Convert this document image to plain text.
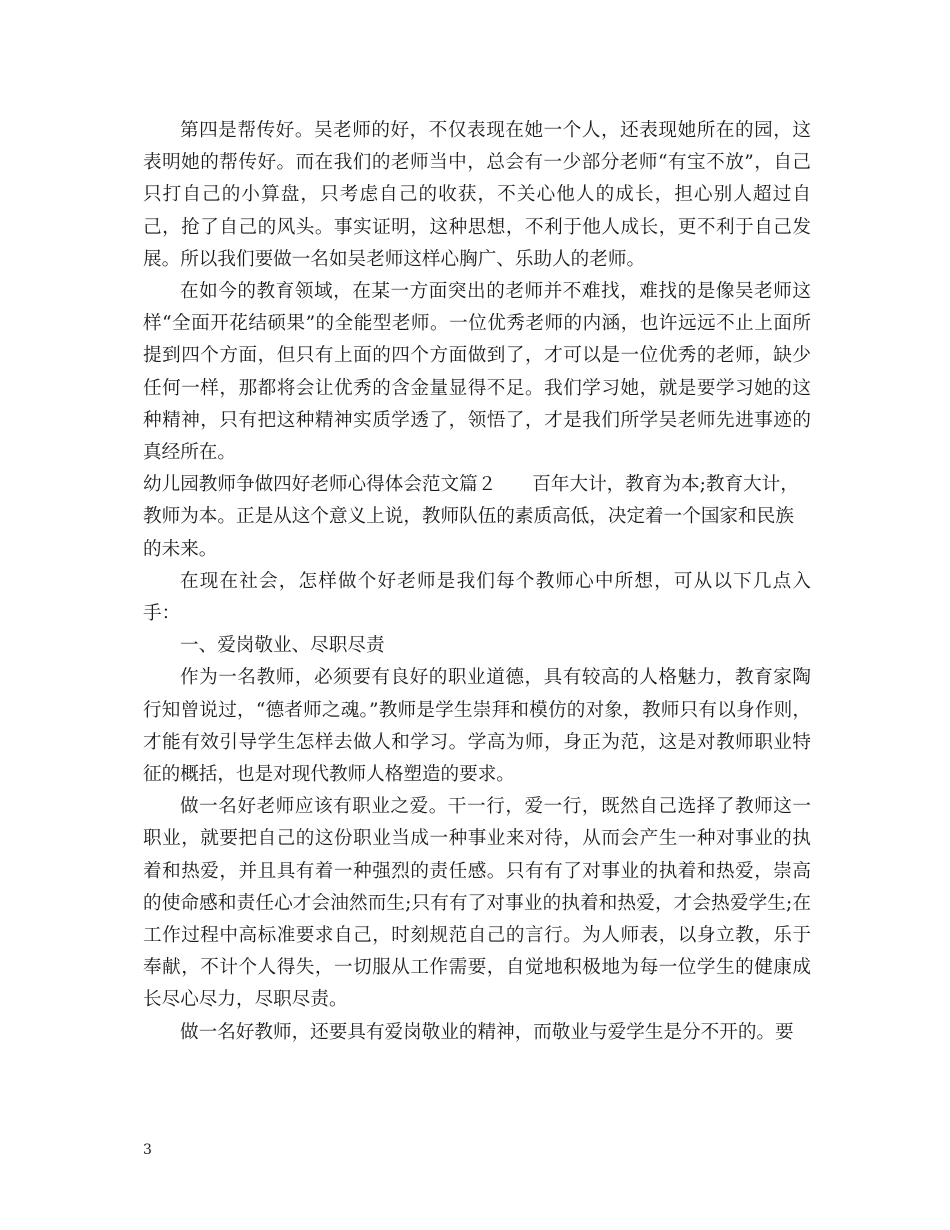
第四是帮传好。吴老师的好，不仅表现在她一个人，还表现她所在的园，这表明她的帮传好。而在我们的老师当中，总会有一少部分老师“有宝不放”，自己只打自己的小算盘，只考虑自己的收获，不关心他人的成长，担心别人超过自己，抢了自己的风头。事实证明，这种思想，不利于他人成长，更不利于自己发展。所以我们要做一名如吴老师这样心胸广、乐助人的老师。

在如今的教育领域，在某一方面突出的老师并不难找，难找的是像吴老师这样“全面开花结硕果”的全能型老师。一位优秀老师的内涵，也许远远不止上面所提到四个方面，但只有上面的四个方面做到了，才可以是一位优秀的老师，缺少任何一样，那都将会让优秀的含金量显得不足。我们学习她，就是要学习她的这种精神，只有把这种精神实质学透了，领悟了，才是我们所学吴老师先进事迹的真经所在。

幼儿园教师争做四好老师心得体会范文篇２ 百年大计，教育为本;教育大计，教师为本。正是从这个意义上说，教师队伍的素质高低，决定着一个国家和民族的未来。

在现在社会，怎样做个好老师是我们每个教师心中所想，可从以下几点入手：

一、爱岗敬业、尽职尽责

作为一名教师，必须要有良好的职业道德，具有较高的人格魅力，教育家陶行知曾说过，“德者师之魂。”教师是学生崇拜和模仿的对象，教师只有以身作则，才能有效引导学生怎样去做人和学习。学高为师，身正为范，这是对教师职业特征的概括，也是对现代教师人格塑造的要求。

做一名好老师应该有职业之爱。干一行，爱一行，既然自己选择了教师这一职业，就要把自己的这份职业当成一种事业来对待，从而会产生一种对事业的执着和热爱，并且具有着一种强烈的责任感。只有有了对事业的执着和热爱，崇高的使命感和责任心才会油然而生;只有有了对事业的执着和热爱，才会热爱学生;在工作过程中高标准要求自己，时刻规范自己的言行。为人师表，以身立教，乐于奉献，不计个人得失，一切服从工作需要，自觉地积极地为每一位学生的健康成长尽心尽力，尽职尽责。

做一名好教师，还要具有爱岗敬业的精神，而敬业与爱学生是分不开的。要

3
